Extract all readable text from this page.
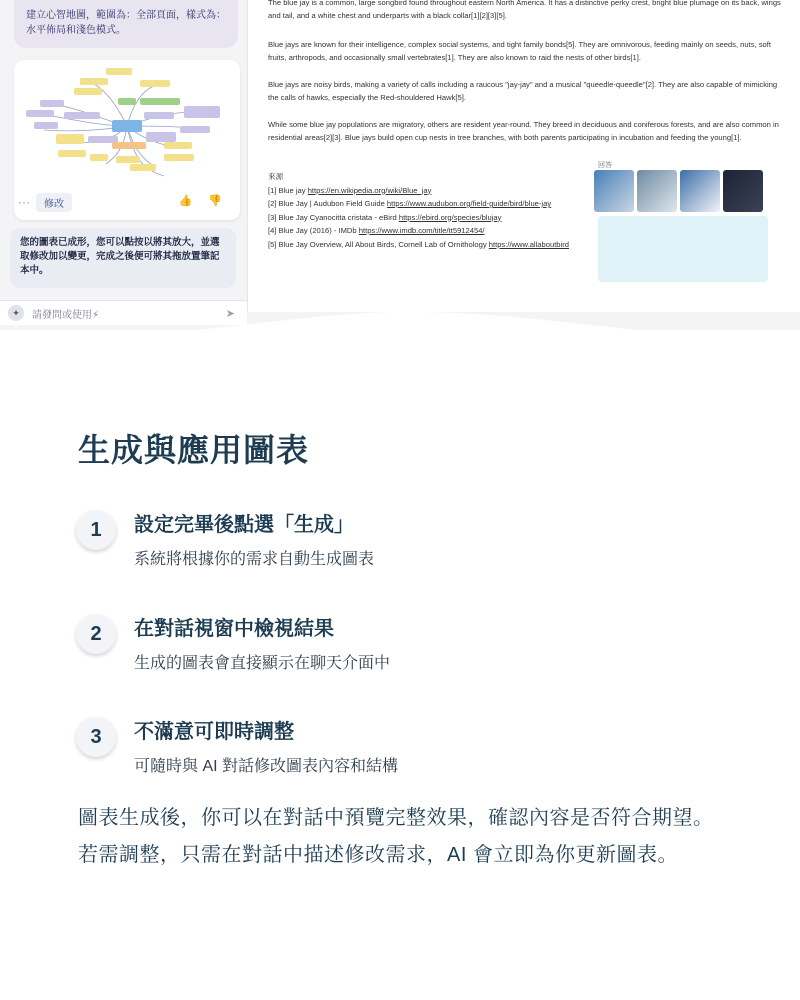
建立心智地圖，範圍為：全部頁面，樣式為：水平佈局和淺色模式。
···	修改	👍 👎
您的圖表已成形，您可以點按以將其放大，並選取修改加以變更，完成之後便可將其拖放置筆記本中。
✦	請發問或使用⚡	➤

The blue jay is a common, large songbird found throughout eastern North America. It has a distinctive perky crest, bright blue plumage on its back, wings and tail, and a white chest and underparts with a black collar[1][2][3][5].

Blue jays are known for their intelligence, complex social systems, and tight family bonds[5]. They are omnivorous, feeding mainly on seeds, nuts, soft fruits, arthropods, and occasionally small vertebrates[1]. They are also known to raid the nests of other birds[1].

Blue jays are noisy birds, making a variety of calls including a raucous "jay-jay" and a musical "queedle-queedle"[2]. They are also capable of mimicking the calls of hawks, especially the Red-shouldered Hawk[5].

While some blue jay populations are migratory, others are resident year-round. They breed in deciduous and coniferous forests, and are also common in residential areas[2][3]. Blue jays build open cup nests in tree branches, with both parents participating in incubation and feeding the young[1].

來源
[1] Blue jay https://en.wikipedia.org/wiki/Blue_jay
[2] Blue Jay | Audubon Field Guide https://www.audubon.org/field-guide/bird/blue-jay
[3] Blue Jay Cyanocitta cristata - eBird https://ebird.org/species/blujay
[4] Blue Jay (2016) - IMDb https://www.imdb.com/title/tt5912454/
[5] Blue Jay Overview, All About Birds, Cornell Lab of Ornithology https://www.allaboutbird
回答
生成與應用圖表
1	設定完畢後點選「生成」
系統將根據你的需求自動生成圖表
2	在對話視窗中檢視結果
生成的圖表會直接顯示在聊天介面中
3	不滿意可即時調整
可隨時與 AI 對話修改圖表內容和結構
圖表生成後，你可以在對話中預覽完整效果，確認內容是否符合期望。若需調整，只需在對話中描述修改需求，AI 會立即為你更新圖表。
